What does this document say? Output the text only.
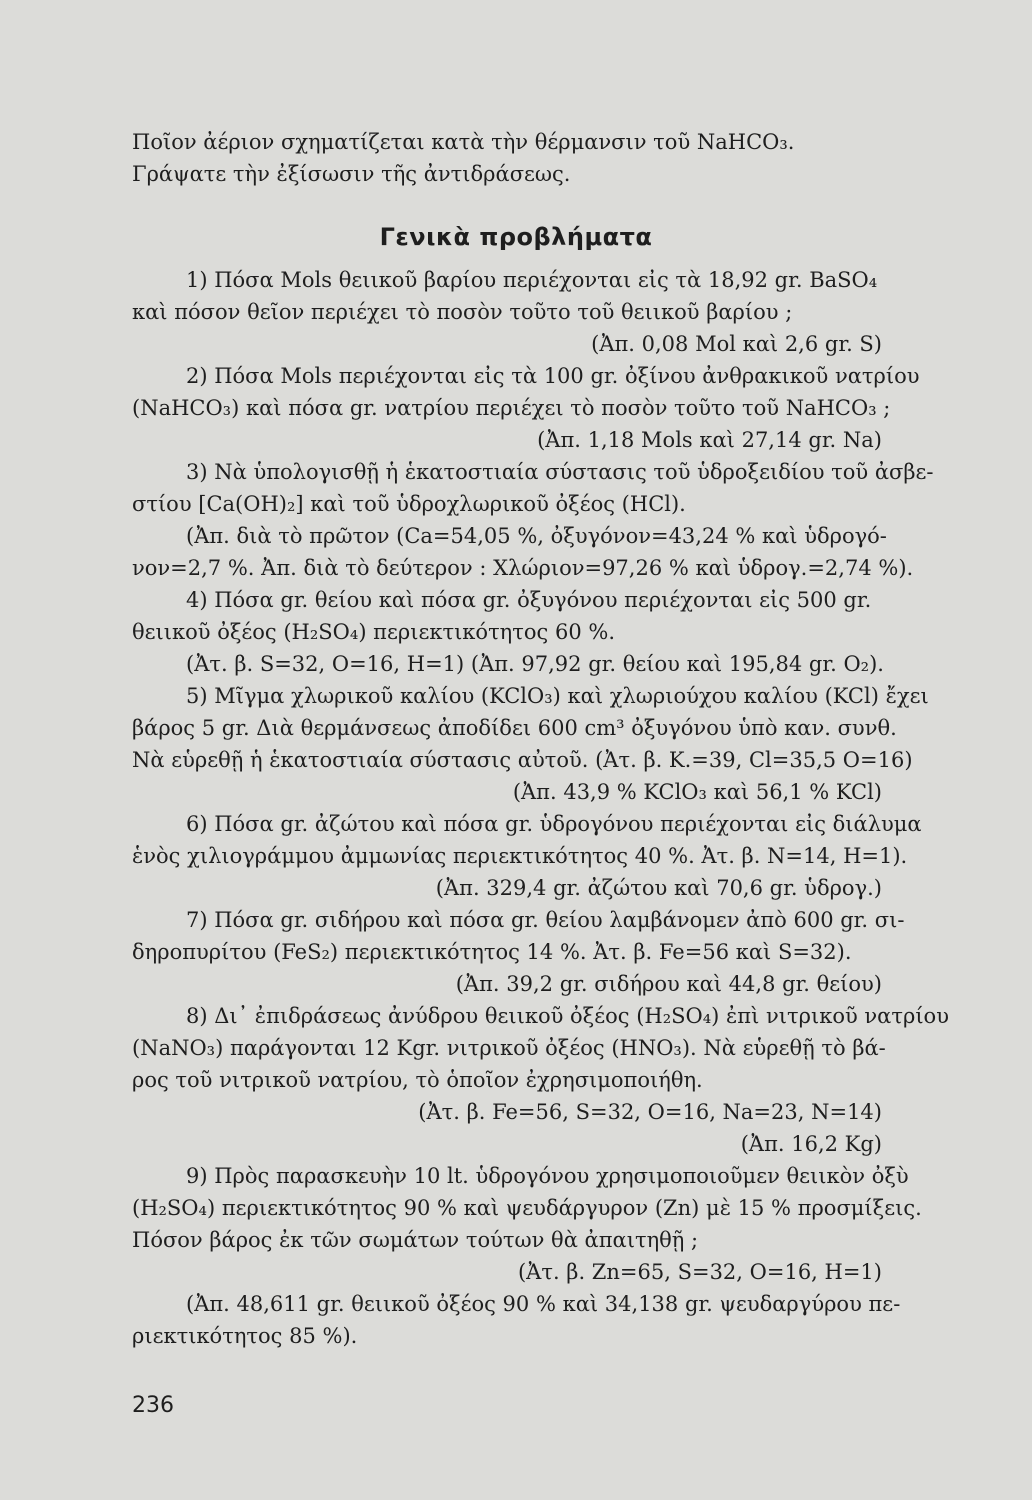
Ποῖον ἀέριον σχηματίζεται κατὰ τὴν θέρμανσιν τοῦ NaHCO₃.
Γράψατε τὴν ἐξίσωσιν τῆς ἀντιδράσεως.
Γενικὰ προβλήματα
1) Πόσα Mols θειικοῦ βαρίου περιέχονται εἰς τὰ 18,92 gr. BaSO₄
καὶ πόσον θεῖον περιέχει τὸ ποσὸν τοῦτο τοῦ θειικοῦ βαρίου ;
(Ἀπ. 0,08 Mol καὶ 2,6 gr. S)
2) Πόσα Mols περιέχονται εἰς τὰ 100 gr. ὀξίνου ἀνθρακικοῦ νατρίου
(NaHCO₃) καὶ πόσα gr. νατρίου περιέχει τὸ ποσὸν τοῦτο τοῦ NaHCO₃ ;
(Ἀπ. 1,18 Mols καὶ 27,14 gr. Na)
3) Νὰ ὑπολογισθῇ ἡ ἑκατοστιαία σύστασις τοῦ ὑδροξειδίου τοῦ ἀσβε-
στίου [Ca(OH)₂] καὶ τοῦ ὑδροχλωρικοῦ ὀξέος (HCl).
(Ἀπ. διὰ τὸ πρῶτον (Ca=54,05 %, ὀξυγόνον=43,24 % καὶ ὑδρογό-
νον=2,7 %. Ἀπ. διὰ τὸ δεύτερον : Χλώριον=97,26 % καὶ ὑδρογ.=2,74 %).
4) Πόσα gr. θείου καὶ πόσα gr. ὀξυγόνου περιέχονται εἰς 500 gr.
θειικοῦ ὀξέος (H₂SO₄) περιεκτικότητος 60 %.
(Ἀτ. β. S=32, O=16, H=1) (Ἀπ. 97,92 gr. θείου καὶ 195,84 gr. O₂).
5) Μῖγμα χλωρικοῦ καλίου (KClO₃) καὶ χλωριούχου καλίου (KCl) ἔχει
βάρος 5 gr. Διὰ θερμάνσεως ἀποδίδει 600 cm³ ὀξυγόνου ὑπὸ καν. συνθ.
Νὰ εὑρεθῇ ἡ ἑκατοστιαία σύστασις αὐτοῦ. (Ἀτ. β. K.=39, Cl=35,5 O=16)
(Ἀπ. 43,9 % KClO₃ καὶ 56,1 % KCl)
6) Πόσα gr. ἀζώτου καὶ πόσα gr. ὑδρογόνου περιέχονται εἰς διάλυμα
ἑνὸς χιλιογράμμου ἀμμωνίας περιεκτικότητος 40 %. Ἀτ. β. N=14, H=1).
(Ἀπ. 329,4 gr. ἀζώτου καὶ 70,6 gr. ὑδρογ.)
7) Πόσα gr. σιδήρου καὶ πόσα gr. θείου λαμβάνομεν ἀπὸ 600 gr. σι-
δηροπυρίτου (FeS₂) περιεκτικότητος 14 %. Ἀτ. β. Fe=56 καὶ S=32).
(Ἀπ. 39,2 gr. σιδήρου καὶ 44,8 gr. θείου)
8) Δι᾽ ἐπιδράσεως ἀνύδρου θειικοῦ ὀξέος (H₂SO₄) ἐπὶ νιτρικοῦ νατρίου
(NaNO₃) παράγονται 12 Kgr. νιτρικοῦ ὀξέος (HNO₃). Νὰ εὑρεθῇ τὸ βά-
ρος τοῦ νιτρικοῦ νατρίου, τὸ ὁποῖον ἐχρησιμοποιήθη.
(Ἀτ. β. Fe=56, S=32, O=16, Na=23, N=14)
(Ἀπ. 16,2 Kg)
9) Πρὸς παρασκευὴν 10 lt. ὑδρογόνου χρησιμοποιοῦμεν θειικὸν ὀξὺ
(H₂SO₄) περιεκτικότητος 90 % καὶ ψευδάργυρον (Zn) μὲ 15 % προσμίξεις.
Πόσον βάρος ἐκ τῶν σωμάτων τούτων θὰ ἀπαιτηθῇ ;
(Ἀτ. β. Zn=65, S=32, O=16, H=1)
(Ἀπ. 48,611 gr. θειικοῦ ὀξέος 90 % καὶ 34,138 gr. ψευδαργύρου πε-
ριεκτικότητος 85 %).
236
